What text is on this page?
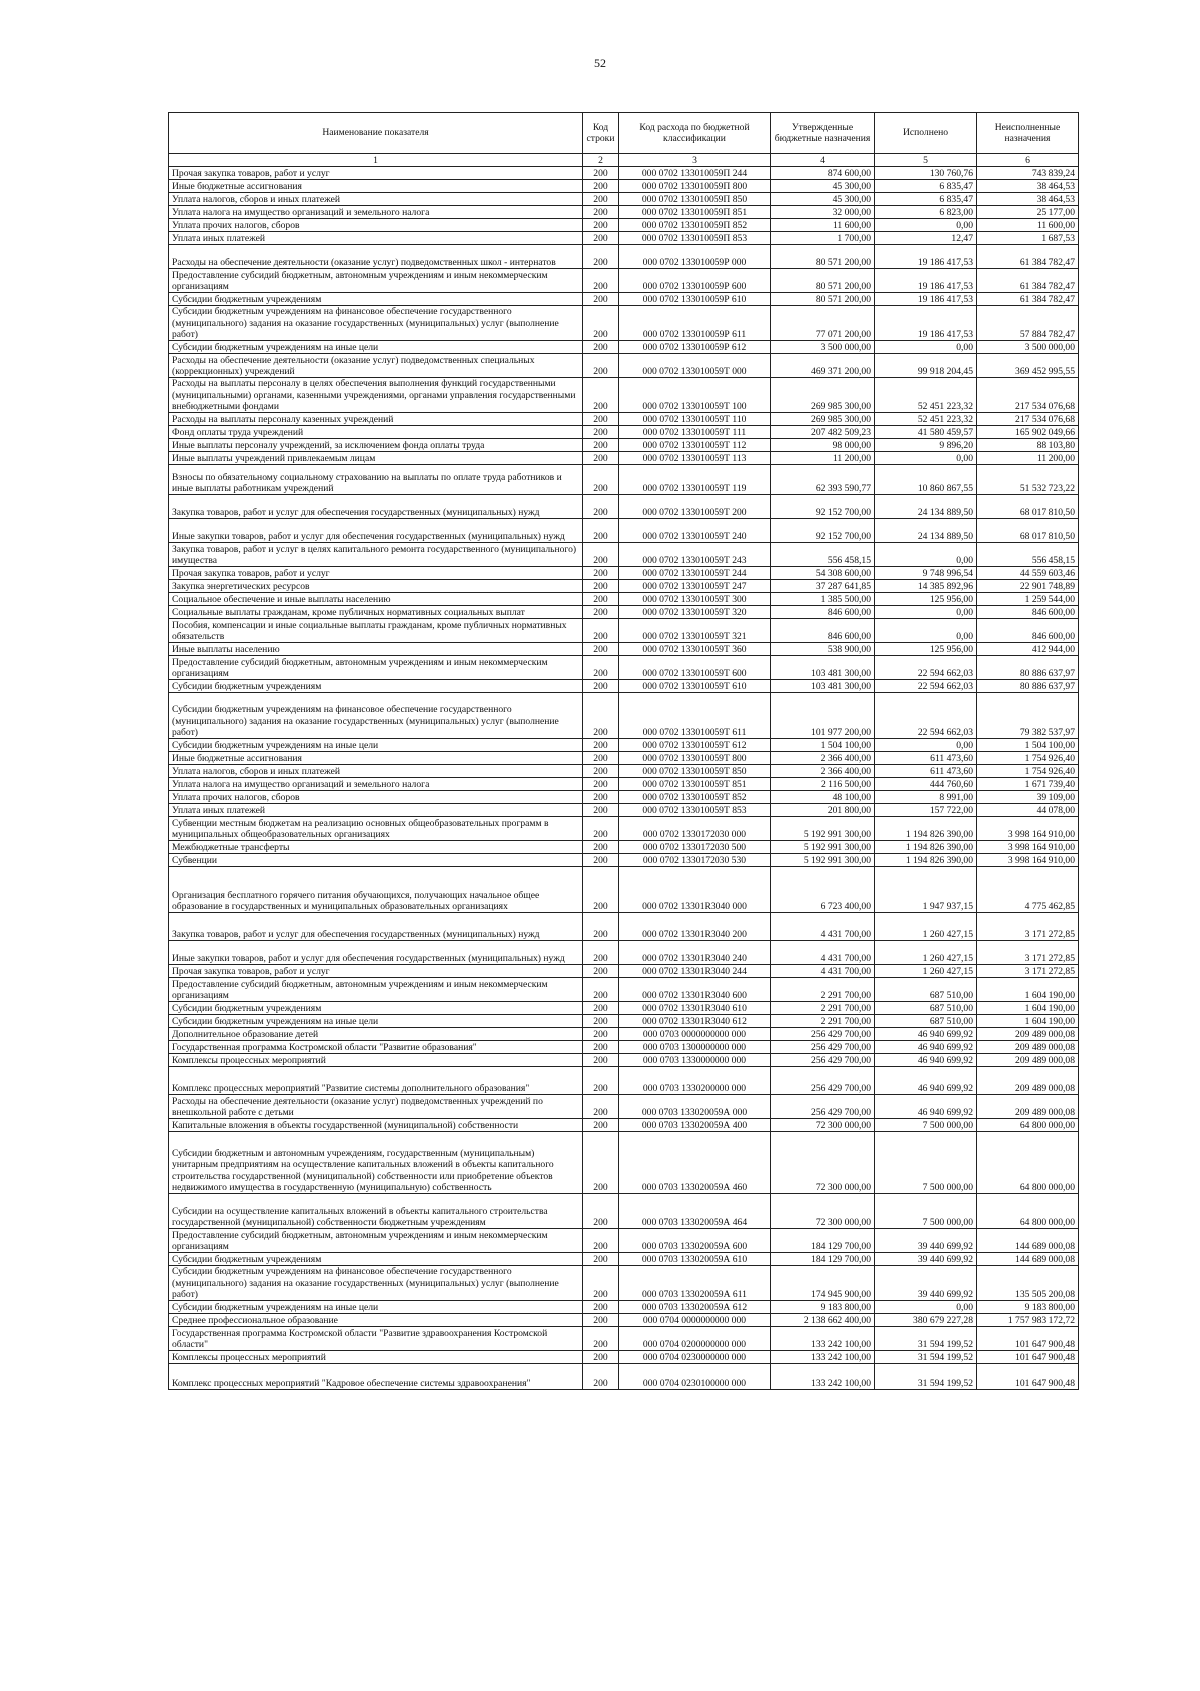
52
Наименование показателя	Код строки	Код расхода по бюджетной классификации	Утвержденные бюджетные назначения	Исполнено	Неисполненные назначения
1	2	3	4	5	6
Прочая закупка товаров, работ и услуг	200	000 0702 133010059П 244	874 600,00	130 760,76	743 839,24
Иные бюджетные ассигнования	200	000 0702 133010059П 800	45 300,00	6 835,47	38 464,53
Уплата налогов, сборов и иных платежей	200	000 0702 133010059П 850	45 300,00	6 835,47	38 464,53
Уплата налога на имущество организаций и земельного налога	200	000 0702 133010059П 851	32 000,00	6 823,00	25 177,00
Уплата прочих налогов, сборов	200	000 0702 133010059П 852	11 600,00	0,00	11 600,00
Уплата иных платежей	200	000 0702 133010059П 853	1 700,00	12,47	1 687,53
Расходы на обеспечение деятельности (оказание услуг) подведомственных школ - интернатов	200	000 0702 133010059Р 000	80 571 200,00	19 186 417,53	61 384 782,47
Предоставление субсидий бюджетным, автономным учреждениям и иным некоммерческим организациям	200	000 0702 133010059Р 600	80 571 200,00	19 186 417,53	61 384 782,47
Субсидии бюджетным учреждениям	200	000 0702 133010059Р 610	80 571 200,00	19 186 417,53	61 384 782,47
Субсидии бюджетным учреждениям на финансовое обеспечение государственного (муниципального) задания на оказание государственных (муниципальных) услуг (выполнение работ)	200	000 0702 133010059Р 611	77 071 200,00	19 186 417,53	57 884 782,47
Субсидии бюджетным учреждениям на иные цели	200	000 0702 133010059Р 612	3 500 000,00	0,00	3 500 000,00
Расходы на обеспечение деятельности (оказание услуг) подведомственных специальных (коррекционных) учреждений	200	000 0702 133010059Т 000	469 371 200,00	99 918 204,45	369 452 995,55
Расходы на выплаты персоналу в целях обеспечения выполнения функций государственными (муниципальными) органами, казенными учреждениями, органами управления государственными внебюджетными фондами	200	000 0702 133010059Т 100	269 985 300,00	52 451 223,32	217 534 076,68
Расходы на выплаты персоналу казенных учреждений	200	000 0702 133010059Т 110	269 985 300,00	52 451 223,32	217 534 076,68
Фонд оплаты труда учреждений	200	000 0702 133010059Т 111	207 482 509,23	41 580 459,57	165 902 049,66
Иные выплаты персоналу учреждений, за исключением фонда оплаты труда	200	000 0702 133010059Т 112	98 000,00	9 896,20	88 103,80
Иные выплаты учреждений привлекаемым лицам	200	000 0702 133010059Т 113	11 200,00	0,00	11 200,00
Взносы по обязательному социальному страхованию на выплаты по оплате труда работников и иные выплаты работникам учреждений	200	000 0702 133010059Т 119	62 393 590,77	10 860 867,55	51 532 723,22
Закупка товаров, работ и услуг для обеспечения государственных (муниципальных) нужд	200	000 0702 133010059Т 200	92 152 700,00	24 134 889,50	68 017 810,50
Иные закупки товаров, работ и услуг для обеспечения государственных (муниципальных) нужд	200	000 0702 133010059Т 240	92 152 700,00	24 134 889,50	68 017 810,50
Закупка товаров, работ и услуг в целях капитального ремонта государственного (муниципального) имущества	200	000 0702 133010059Т 243	556 458,15	0,00	556 458,15
Прочая закупка товаров, работ и услуг	200	000 0702 133010059Т 244	54 308 600,00	9 748 996,54	44 559 603,46
Закупка энергетических ресурсов	200	000 0702 133010059Т 247	37 287 641,85	14 385 892,96	22 901 748,89
Социальное обеспечение и иные выплаты населению	200	000 0702 133010059Т 300	1 385 500,00	125 956,00	1 259 544,00
Социальные выплаты гражданам, кроме публичных нормативных социальных выплат	200	000 0702 133010059Т 320	846 600,00	0,00	846 600,00
Пособия, компенсации и иные социальные выплаты гражданам, кроме публичных нормативных обязательств	200	000 0702 133010059Т 321	846 600,00	0,00	846 600,00
Иные выплаты населению	200	000 0702 133010059Т 360	538 900,00	125 956,00	412 944,00
Предоставление субсидий бюджетным, автономным учреждениям и иным некоммерческим организациям	200	000 0702 133010059Т 600	103 481 300,00	22 594 662,03	80 886 637,97
Субсидии бюджетным учреждениям	200	000 0702 133010059Т 610	103 481 300,00	22 594 662,03	80 886 637,97
Субсидии бюджетным учреждениям на финансовое обеспечение государственного (муниципального) задания на оказание государственных (муниципальных) услуг (выполнение работ)	200	000 0702 133010059Т 611	101 977 200,00	22 594 662,03	79 382 537,97
Субсидии бюджетным учреждениям на иные цели	200	000 0702 133010059Т 612	1 504 100,00	0,00	1 504 100,00
Иные бюджетные ассигнования	200	000 0702 133010059Т 800	2 366 400,00	611 473,60	1 754 926,40
Уплата налогов, сборов и иных платежей	200	000 0702 133010059Т 850	2 366 400,00	611 473,60	1 754 926,40
Уплата налога на имущество организаций и земельного налога	200	000 0702 133010059Т 851	2 116 500,00	444 760,60	1 671 739,40
Уплата прочих налогов, сборов	200	000 0702 133010059Т 852	48 100,00	8 991,00	39 109,00
Уплата иных платежей	200	000 0702 133010059Т 853	201 800,00	157 722,00	44 078,00
Субвенции местным бюджетам на реализацию основных общеобразовательных программ в муниципальных общеобразовательных организациях	200	000 0702 1330172030 000	5 192 991 300,00	1 194 826 390,00	3 998 164 910,00
Межбюджетные трансферты	200	000 0702 1330172030 500	5 192 991 300,00	1 194 826 390,00	3 998 164 910,00
Субвенции	200	000 0702 1330172030 530	5 192 991 300,00	1 194 826 390,00	3 998 164 910,00
Организация бесплатного горячего питания обучающихся, получающих начальное общее образование в государственных и муниципальных образовательных организациях	200	000 0702 13301R3040 000	6 723 400,00	1 947 937,15	4 775 462,85
Закупка товаров, работ и услуг для обеспечения государственных (муниципальных) нужд	200	000 0702 13301R3040 200	4 431 700,00	1 260 427,15	3 171 272,85
Иные закупки товаров, работ и услуг для обеспечения государственных (муниципальных) нужд	200	000 0702 13301R3040 240	4 431 700,00	1 260 427,15	3 171 272,85
Прочая закупка товаров, работ и услуг	200	000 0702 13301R3040 244	4 431 700,00	1 260 427,15	3 171 272,85
Предоставление субсидий бюджетным, автономным учреждениям и иным некоммерческим организациям	200	000 0702 13301R3040 600	2 291 700,00	687 510,00	1 604 190,00
Субсидии бюджетным учреждениям	200	000 0702 13301R3040 610	2 291 700,00	687 510,00	1 604 190,00
Субсидии бюджетным учреждениям на иные цели	200	000 0702 13301R3040 612	2 291 700,00	687 510,00	1 604 190,00
Дополнительное образование детей	200	000 0703 0000000000 000	256 429 700,00	46 940 699,92	209 489 000,08
Государственная программа Костромской области "Развитие образования"	200	000 0703 1300000000 000	256 429 700,00	46 940 699,92	209 489 000,08
Комплексы процессных мероприятий	200	000 0703 1330000000 000	256 429 700,00	46 940 699,92	209 489 000,08
Комплекс процессных мероприятий "Развитие системы дополнительного образования"	200	000 0703 1330200000 000	256 429 700,00	46 940 699,92	209 489 000,08
Расходы на обеспечение деятельности (оказание услуг) подведомственных учреждений по внешкольной работе с детьми	200	000 0703 133020059А 000	256 429 700,00	46 940 699,92	209 489 000,08
Капитальные вложения в объекты государственной (муниципальной) собственности	200	000 0703 133020059А 400	72 300 000,00	7 500 000,00	64 800 000,00
Субсидии бюджетным и автономным учреждениям, государственным (муниципальным) унитарным предприятиям на осуществление капитальных вложений в объекты капитального строительства государственной (муниципальной) собственности или приобретение объектов недвижимого имущества в государственную (муниципальную) собственность	200	000 0703 133020059А 460	72 300 000,00	7 500 000,00	64 800 000,00
Субсидии на осуществление капитальных вложений в объекты капитального строительства государственной (муниципальной) собственности бюджетным учреждениям	200	000 0703 133020059А 464	72 300 000,00	7 500 000,00	64 800 000,00
Предоставление субсидий бюджетным, автономным учреждениям и иным некоммерческим организациям	200	000 0703 133020059А 600	184 129 700,00	39 440 699,92	144 689 000,08
Субсидии бюджетным учреждениям	200	000 0703 133020059А 610	184 129 700,00	39 440 699,92	144 689 000,08
Субсидии бюджетным учреждениям на финансовое обеспечение государственного (муниципального) задания на оказание государственных (муниципальных) услуг (выполнение работ)	200	000 0703 133020059А 611	174 945 900,00	39 440 699,92	135 505 200,08
Субсидии бюджетным учреждениям на иные цели	200	000 0703 133020059А 612	9 183 800,00	0,00	9 183 800,00
Среднее профессиональное образование	200	000 0704 0000000000 000	2 138 662 400,00	380 679 227,28	1 757 983 172,72
Государственная программа Костромской области "Развитие здравоохранения Костромской области"	200	000 0704 0200000000 000	133 242 100,00	31 594 199,52	101 647 900,48
Комплексы процессных мероприятий	200	000 0704 0230000000 000	133 242 100,00	31 594 199,52	101 647 900,48
Комплекс процессных мероприятий "Кадровое обеспечение системы здравоохранения"	200	000 0704 0230100000 000	133 242 100,00	31 594 199,52	101 647 900,48
